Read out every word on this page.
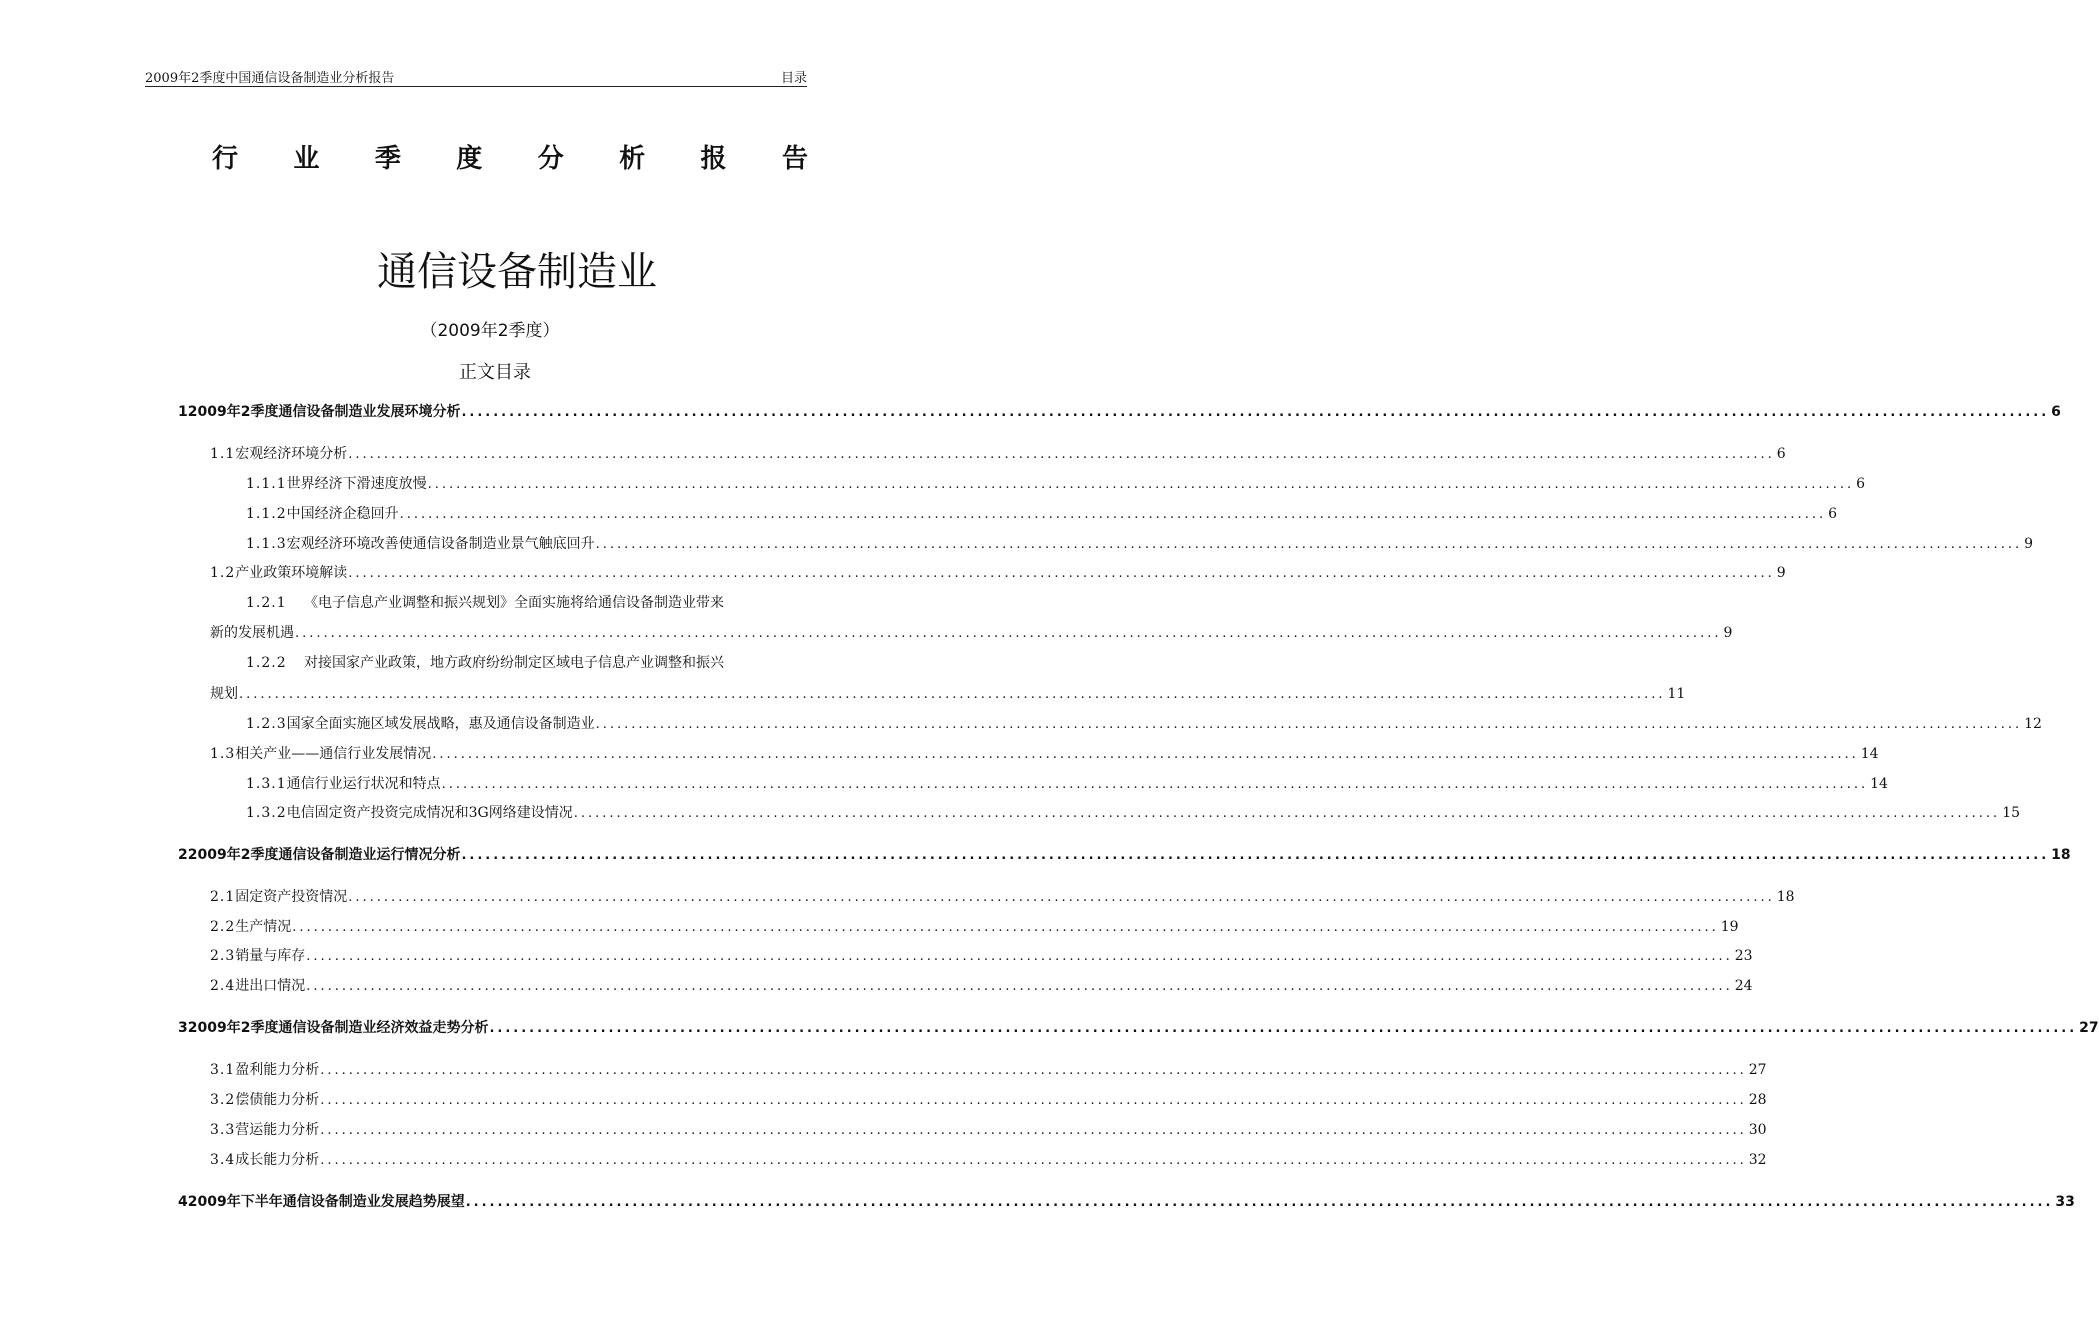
2009年2季度中国通信设备制造业分析报告	目录
行 业 季 度 分 析 报 告
通信设备制造业
（2009年2季度）
正文目录
1 2009年2季度通信设备制造业发展环境分析 ........................................................................................................................................................................................................ 6
1.1 宏观经济环境分析 ........................................................................................................................................................................................................ 6
1.1.1 世界经济下滑速度放慢 ........................................................................................................................................................................................................ 6
1.1.2 中国经济企稳回升 ........................................................................................................................................................................................................ 6
1.1.3 宏观经济环境改善使通信设备制造业景气触底回升 ........................................................................................................................................................................................................ 9
1.2 产业政策环境解读 ........................................................................................................................................................................................................ 9
1.2.1 《电子信息产业调整和振兴规划》全面实施将给通信设备制造业带来
新的发展机遇 ........................................................................................................................................................................................................ 9
1.2.2 对接国家产业政策，地方政府纷纷制定区域电子信息产业调整和振兴
规划 ........................................................................................................................................................................................................ 11
1.2.3 国家全面实施区域发展战略，惠及通信设备制造业 ........................................................................................................................................................................................................ 12
1.3 相关产业——通信行业发展情况 ........................................................................................................................................................................................................ 14
1.3.1 通信行业运行状况和特点 ........................................................................................................................................................................................................ 14
1.3.2 电信固定资产投资完成情况和3G网络建设情况 ........................................................................................................................................................................................................ 15
2 2009年2季度通信设备制造业运行情况分析 ........................................................................................................................................................................................................ 18
2.1 固定资产投资情况 ........................................................................................................................................................................................................ 18
2.2 生产情况 ........................................................................................................................................................................................................ 19
2.3 销量与库存 ........................................................................................................................................................................................................ 23
2.4 进出口情况 ........................................................................................................................................................................................................ 24
3 2009年2季度通信设备制造业经济效益走势分析 ........................................................................................................................................................................................................ 27
3.1 盈利能力分析 ........................................................................................................................................................................................................ 27
3.2 偿债能力分析 ........................................................................................................................................................................................................ 28
3.3 营运能力分析 ........................................................................................................................................................................................................ 30
3.4 成长能力分析 ........................................................................................................................................................................................................ 32
4 2009年下半年通信设备制造业发展趋势展望 ........................................................................................................................................................................................................ 33
